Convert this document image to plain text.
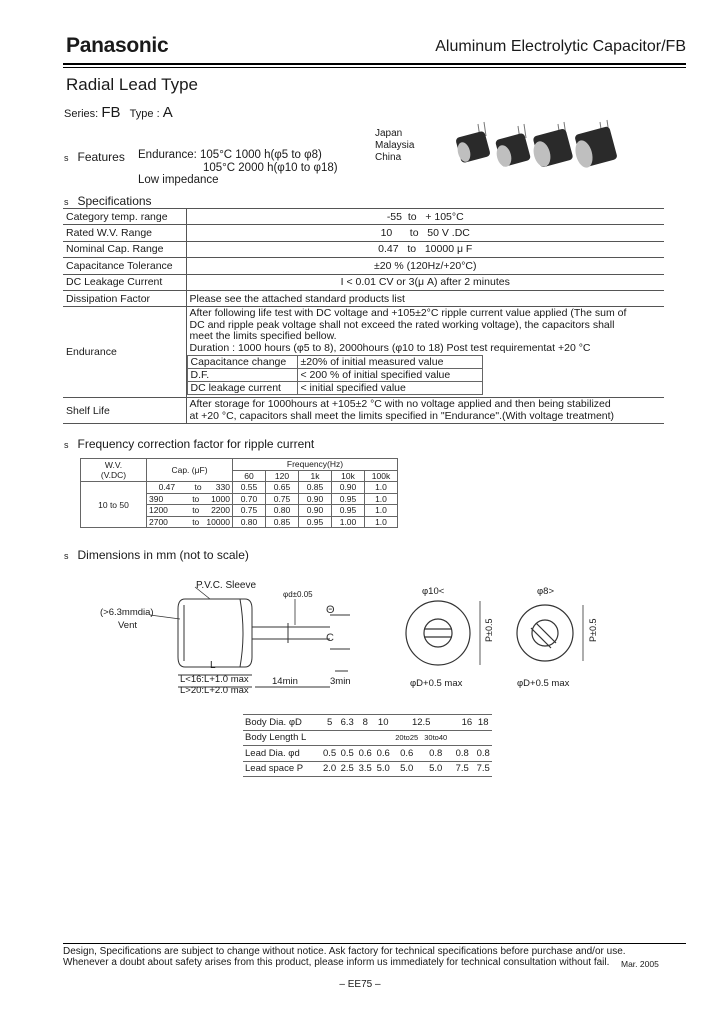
Panasonic	Aluminum Electrolytic Capacitor/FB
Radial Lead Type
Series: FB Type : A
Japan
Malaysia
China
s Features Endurance: 105°C 1000 h(φ5 to φ8)
105°C 2000 h(φ10 to φ18)
Low impedance
s Specifications
Category temp. range	-55  to   + 105°C
Rated W.V. Range	10      to   50 V .DC
Nominal Cap. Range	0.47   to   10000 μ F
Capacitance Tolerance	±20 % (120Hz/+20°C)
DC Leakage Current	I < 0.01 CV or 3(μ A) after 2 minutes
Dissipation Factor	Please see the attached standard products list
Endurance	
After following life test with DC voltage and +105±2°C ripple current value applied (The sum of
DC and ripple peak voltage shall not exceed the rated working voltage), the capacitors shall
meet the limits specified bellow.
Duration : 1000 hours (φ5 to 8), 2000hours (φ10 to 18) Post test requirementat +20 °C
Capacitance change	±20% of initial measured value
D.F.	< 200 % of initial specified value
DC leakage current	< initial specified value

Shelf Life	
After storage for 1000hours at +105±2 °C with no voltage applied and then being stabilized
at +20 °C, capacitors shall meet the limits specified in "Endurance".(With voltage treatment)
s Frequency correction factor for ripple current
W.V.
(V.DC)	Cap. (μF)		Frequency(Hz)				
			60	120	1k	10k	100k
10 to 50	0.47	to      330	0.55	0.65	0.85	0.90	1.0
	390	to     1000	0.70	0.75	0.90	0.95	1.0
	1200	to     2200	0.75	0.80	0.90	0.95	1.0
	2700	to   10000	0.80	0.85	0.95	1.00	1.0
s Dimensions in mm (not to scale)
Θ
C
P.V.C. Sleeve
(>6.3mmdia)
Vent
φd±0.05
L
L<16:L+1.0 max
L>20:L+2.0 max
14min	3min
φ10<	φ8>
P±0.5	P±0.5
φD+0.5 max	φD+0.5 max
Body Dia. φD	5	6.3	8	10	12.5		16	18
Body Length L					20to25	30to40		
Lead Dia. φd	0.5	0.5	0.6	0.6	0.6	0.8	0.8	0.8
Lead space P	2.0	2.5	3.5	5.0	5.0	5.0	7.5	7.5
Design, Specifications are subject to change without notice. Ask factory for technical specifications before purchase and/or use.
Whenever a doubt about safety arises from this product, please inform us immediately for technical consultation without fail. Mar. 2005
– EE75 –
